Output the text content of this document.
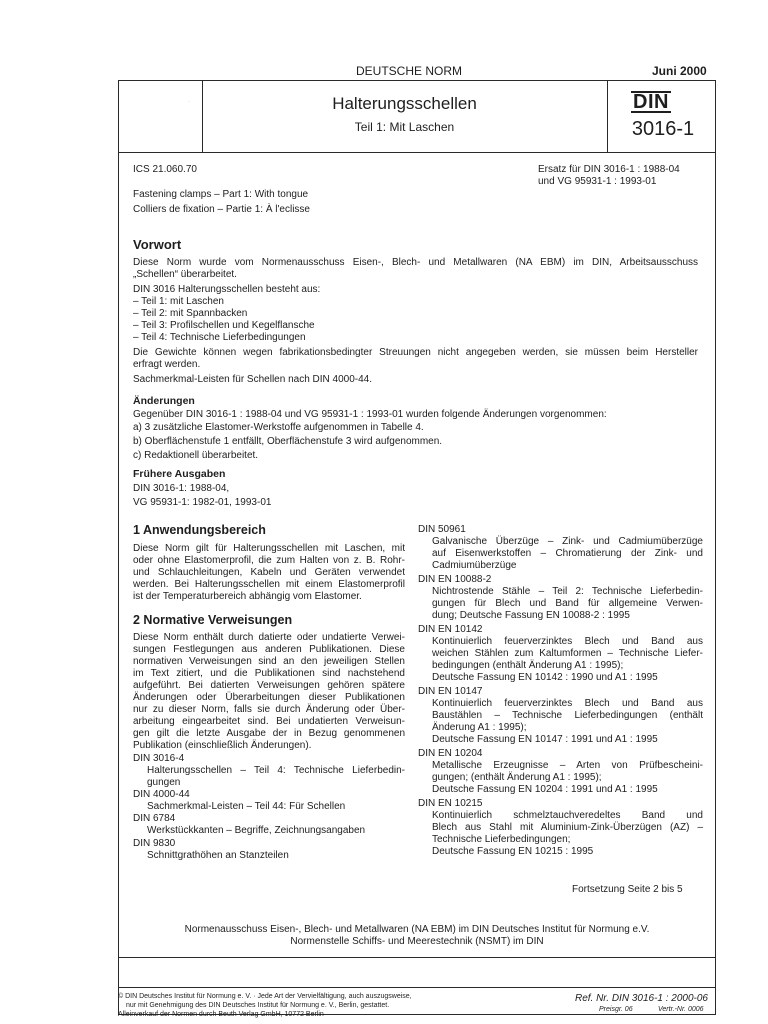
DEUTSCHE NORM	Juni 2000
·	Halterungsschellen
Teil 1: Mit Laschen
DIN
3016-1
ICS 21.060.70	Ersatz für DIN 3016-1 : 1988-04
und VG 95931-1 : 1993-01
Fastening clamps – Part 1: With tongue
Colliers de fixation – Partie 1: À l'eclisse
Vorwort
Diese Norm wurde vom Normenausschuss Eisen-, Blech- und Metallwaren (NA EBM) im DIN, Arbeitsausschuss
„Schellen“ überarbeitet.
DIN 3016 Halterungsschellen besteht aus:
– Teil 1: mit Laschen
– Teil 2: mit Spannbacken
– Teil 3: Profilschellen und Kegelflansche
– Teil 4: Technische Lieferbedingungen
Die Gewichte können wegen fabrikationsbedingter Streuungen nicht angegeben werden, sie müssen beim Hersteller
erfragt werden.
Sachmerkmal-Leisten für Schellen nach DIN 4000-44.
Änderungen
Gegenüber DIN 3016-1 : 1988-04 und VG 95931-1 : 1993-01 wurden folgende Änderungen vorgenommen:
a) 3 zusätzliche Elastomer-Werkstoffe aufgenommen in Tabelle 4.
b) Oberflächenstufe 1 entfällt, Oberflächenstufe 3 wird aufgenommen.
c) Redaktionell überarbeitet.
Frühere Ausgaben
DIN 3016-1: 1988-04,
VG 95931-1: 1982-01, 1993-01
1 Anwendungsbereich
Diese Norm gilt für Halterungsschellen mit Laschen, mit
oder ohne Elastomerprofil, die zum Halten von z. B. Rohr-
und Schlauchleitungen, Kabeln und Geräten verwendet
werden. Bei Halterungsschellen mit einem Elastomerprofil
ist der Temperaturbereich abhängig vom Elastomer.
2 Normative Verweisungen
Diese Norm enthält durch datierte oder undatierte Verwei-
sungen Festlegungen aus anderen Publikationen. Diese
normativen Verweisungen sind an den jeweiligen Stellen
im Text zitiert, und die Publikationen sind nachstehend
aufgeführt. Bei datierten Verweisungen gehören spätere
Änderungen oder Überarbeitungen dieser Publikationen
nur zu dieser Norm, falls sie durch Änderung oder Über-
arbeitung eingearbeitet sind. Bei undatierten Verweisun-
gen gilt die letzte Ausgabe der in Bezug genommenen
Publikation (einschließlich Änderungen).
DIN 3016-4
Halterungsschellen – Teil 4: Technische Lieferbedin-
gungen
DIN 4000-44
Sachmerkmal-Leisten – Teil 44: Für Schellen
DIN 6784
Werkstückkanten – Begriffe, Zeichnungsangaben
DIN 9830
Schnittgrathöhen an Stanzteilen
DIN 50961
Galvanische Überzüge – Zink- und Cadmiumüberzüge
auf Eisenwerkstoffen – Chromatierung der Zink- und
Cadmiumüberzüge
DIN EN 10088-2
Nichtrostende Stähle – Teil 2: Technische Lieferbedin-
gungen für Blech und Band für allgemeine Verwen-
dung; Deutsche Fassung EN 10088-2 : 1995
DIN EN 10142
Kontinuierlich feuerverzinktes Blech und Band aus
weichen Stählen zum Kaltumformen – Technische Liefer-
bedingungen (enthält Änderung A1 : 1995);
Deutsche Fassung EN 10142 : 1990 und A1 : 1995
DIN EN 10147
Kontinuierlich feuerverzinktes Blech und Band aus
Baustählen – Technische Lieferbedingungen (enthält
Änderung A1 : 1995);
Deutsche Fassung EN 10147 : 1991 und A1 : 1995
DIN EN 10204
Metallische Erzeugnisse – Arten von Prüfbescheini-
gungen; (enthält Änderung A1 : 1995);
Deutsche Fassung EN 10204 : 1991 und A1 : 1995
DIN EN 10215
Kontinuierlich schmelztauchveredeltes Band und
Blech aus Stahl mit Aluminium-Zink-Überzügen (AZ) –
Technische Lieferbedingungen;
Deutsche Fassung EN 10215 : 1995
Fortsetzung Seite 2 bis 5
Normenausschuss Eisen-, Blech- und Metallwaren (NA EBM) im DIN Deutsches Institut für Normung e.V.
Normenstelle Schiffs- und Meerestechnik (NSMT) im DIN
© DIN Deutsches Institut für Normung e. V. · Jede Art der Vervielfältigung, auch auszugsweise,
nur mit Genehmigung des DIN Deutsches Institut für Normung e. V., Berlin, gestattet.
Alleinverkauf der Normen durch Beuth Verlag GmbH, 10772 Berlin
Ref. Nr. DIN 3016-1 : 2000-06
Preisgr. 06	Vertr.-Nr. 0006
